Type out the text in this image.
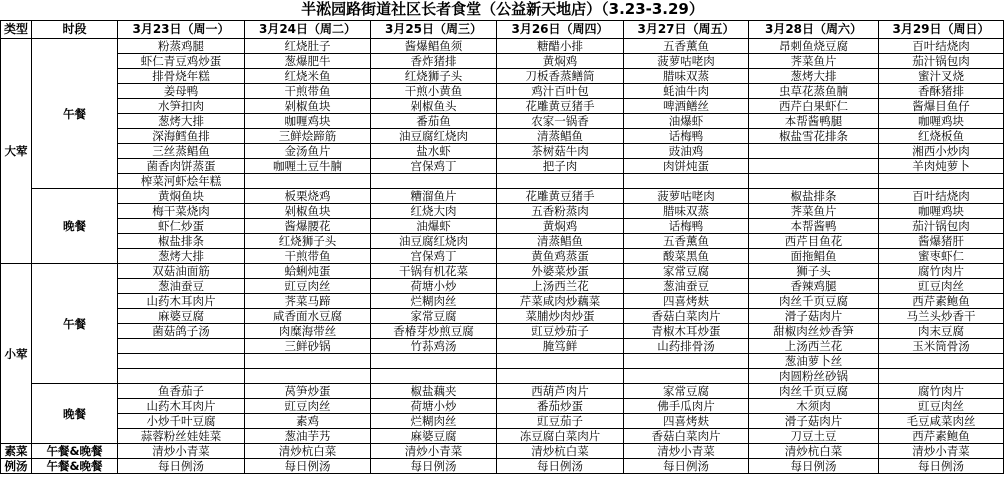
半淞园路街道社区长者食堂（公益新天地店）（3.23-3.29）
类型	时段	3月23日（周一）	3月24日（周二）	3月25日（周三）	3月26日（周四）	3月27日（周五）	3月28日（周六）	3月29日（周日）
大荤	午餐	粉蒸鸡腿	红烧肚子	酱爆鲳鱼须	糖醋小排	五香薰鱼	昂刺鱼烧豆腐	百叶结烧肉
		虾仁青豆鸡炒蛋	葱爆肥牛	香炸猪排	黄焖鸡	菠萝咕咾肉	荠菜鱼片	茄汁锅包肉
		排骨烧年糕	红烧米鱼	红烧狮子头	刀板香蒸鳝筒	腊味双蒸	葱烤大排	蜜汁叉烧
		姜母鸭	干煎带鱼	干煎小黄鱼	鸡汁百叶包	蚝油牛肉	虫草花蒸鱼腩	香酥猪排
		水笋扣肉	剁椒鱼块	剁椒鱼头	花雕黄豆猪手	啤酒鳝丝	西芹白果虾仁	酱爆目鱼仔
		葱烤大排	咖喱鸡块	番茄鱼	农家一锅香	油爆虾	本帮酱鸭腿	咖喱鸡块
		深海鳕鱼排	三鲜烩蹄筋	油豆腐红烧肉	清蒸鲳鱼	话梅鸭	椒盐雪花排条	红烧板鱼
		三丝蒸鲳鱼	金汤鱼片	盐水虾	茶树菇牛肉	豉油鸡		湘西小炒肉
		菌香肉饼蒸蛋	咖喱土豆牛腩	宫保鸡丁	把子肉	肉饼炖蛋		羊肉炖萝卜
		榨菜河虾烩年糕						
	晚餐	黄焖鱼块	板栗烧鸡	糟溜鱼片	花雕黄豆猪手	菠萝咕咾肉	椒盐排条	百叶结烧肉
		梅干菜烧肉	剁椒鱼块	红烧大肉	五香粉蒸肉	腊味双蒸	荠菜鱼片	咖喱鸡块
		虾仁炒蛋	酱爆腰花	油爆虾	黄焖鸡	话梅鸭	本帮酱鸭	茄汁锅包肉
		椒盐排条	红烧狮子头	油豆腐红烧肉	清蒸鲳鱼	五香薰鱼	西芹目鱼花	酱爆猪肝
		葱烤大排	干煎带鱼	宫保鸡丁	黄鱼鸡蒸蛋	酸菜黑鱼	面拖鲳鱼	蜜枣虾仁
小荤	午餐	双菇油面筋	蛤蜊炖蛋	干锅有机花菜	外婆菜炒蛋	家常豆腐	狮子头	腐竹肉片
		葱油蚕豆	豇豆肉丝	荷塘小炒	上汤西兰花	葱油蚕豆	香辣鸡腿	豇豆肉丝
		山药木耳肉片	荠菜马蹄	烂糊肉丝	芹菜咸肉炒藕菜	四喜烤麸	肉丝千页豆腐	西芹素鲍鱼
		麻婆豆腐	咸香面水豆腐	家常豆腐	菜脯炒肉炒蛋	香菇白菜肉片	滑子菇肉片	马兰头炒香干
		菌菇鸽子汤	肉糜海带丝	香椿芽炒煎豆腐	豇豆炒茄子	青椒木耳炒蛋	甜椒肉丝炒香笋	肉末豆腐
			三鲜砂锅	竹荪鸡汤	腌笃鲜	山药排骨汤	上汤西兰花	玉米筒骨汤
							葱油萝卜丝	
							肉圆粉丝砂锅	
	晚餐	鱼香茄子	莴笋炒蛋	椒盐藕夹	西葫芦肉片	家常豆腐	肉丝千页豆腐	腐竹肉片
		山药木耳肉片	豇豆肉丝	荷塘小炒	番茄炒蛋	佛手瓜肉片	木须肉	豇豆肉丝
		小炒千叶豆腐	素鸡	烂糊肉丝	豇豆茄子	四喜烤麸	滑子菇肉片	毛豆咸菜肉丝
		蒜蓉粉丝娃娃菜	葱油芋艿	麻婆豆腐	冻豆腐白菜肉片	香菇白菜肉片	刀豆土豆	西芹素鲍鱼
素菜	午餐&晚餐	清炒小青菜	清炒杭白菜	清炒小青菜	清炒杭白菜	清炒小青菜	清炒杭白菜	清炒小青菜
例汤	午餐&晚餐	每日例汤	每日例汤	每日例汤	每日例汤	每日例汤	每日例汤	每日例汤
